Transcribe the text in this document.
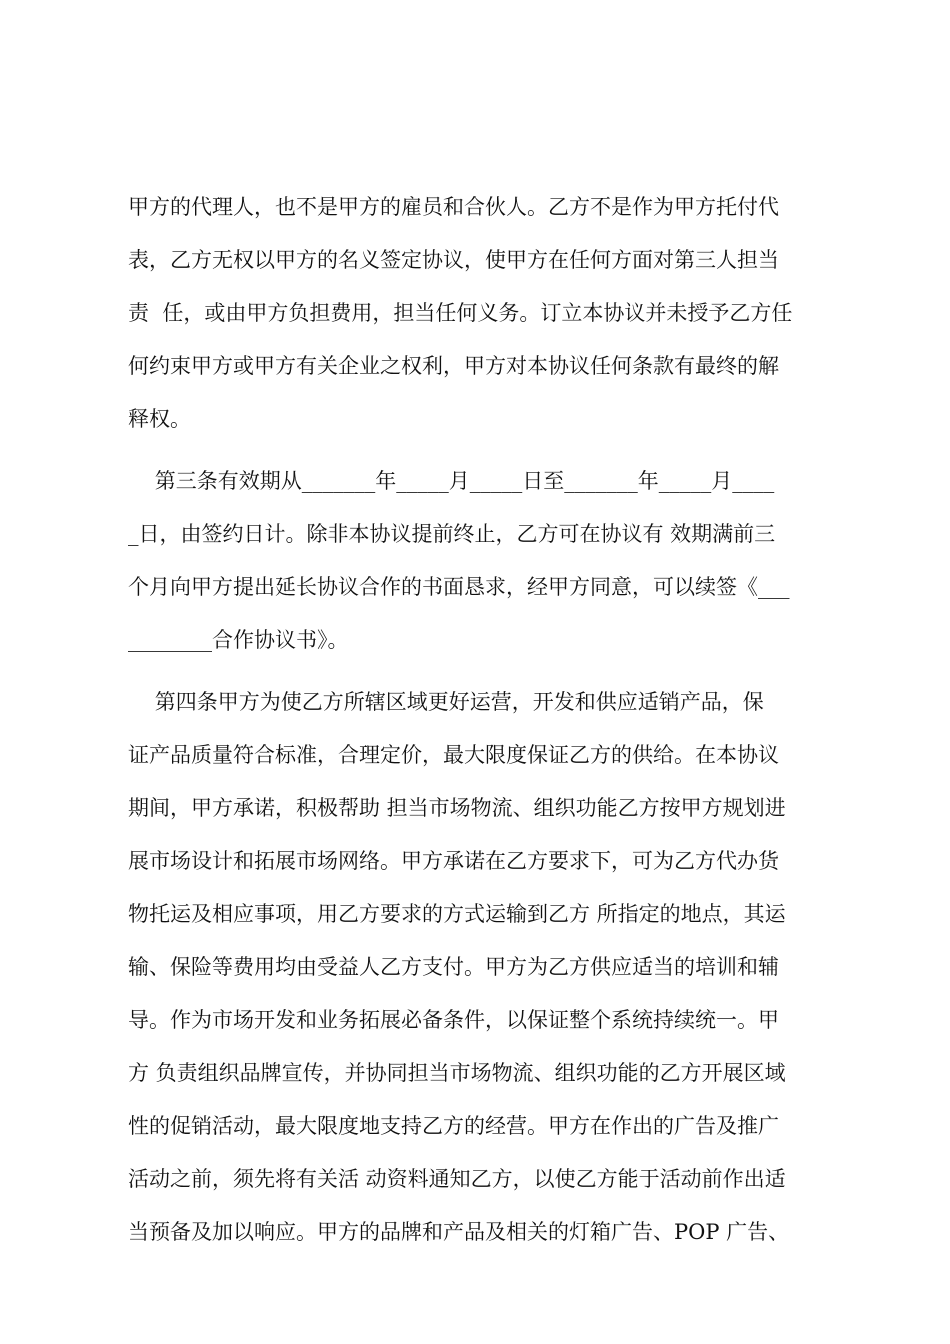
甲方的代理人，也不是甲方的雇员和合伙人。乙方不是作为甲方托付代
表，乙方无权以甲方的名义签定协议，使甲方在任何方面对第三人担当
责  任，或由甲方负担费用，担当任何义务。订立本协议并未授予乙方任
何约束甲方或甲方有关企业之权利，甲方对本协议任何条款有最终的解
释权。
第三条有效期从_______年_____月_____日至_______年_____月____
_日，由签约日计。除非本协议提前终止，乙方可在协议有 效期满前三
个月向甲方提出延长协议合作的书面恳求，经甲方同意，可以续签《___
________合作协议书》。
第四条甲方为使乙方所辖区域更好运营，开发和供应适销产品，保
证产品质量符合标准，合理定价，最大限度保证乙方的供给。在本协议
期间，甲方承诺，积极帮助 担当市场物流、组织功能乙方按甲方规划进
展市场设计和拓展市场网络。甲方承诺在乙方要求下，可为乙方代办货
物托运及相应事项，用乙方要求的方式运输到乙方 所指定的地点，其运
输、保险等费用均由受益人乙方支付。甲方为乙方供应适当的培训和辅
导。作为市场开发和业务拓展必备条件，以保证整个系统持续统一。甲
方 负责组织品牌宣传，并协同担当市场物流、组织功能的乙方开展区域
性的促销活动，最大限度地支持乙方的经营。甲方在作出的广告及推广
活动之前，须先将有关活 动资料通知乙方，以使乙方能于活动前作出适
当预备及加以响应。甲方的品牌和产品及相关的灯箱广告、POP 广告、
